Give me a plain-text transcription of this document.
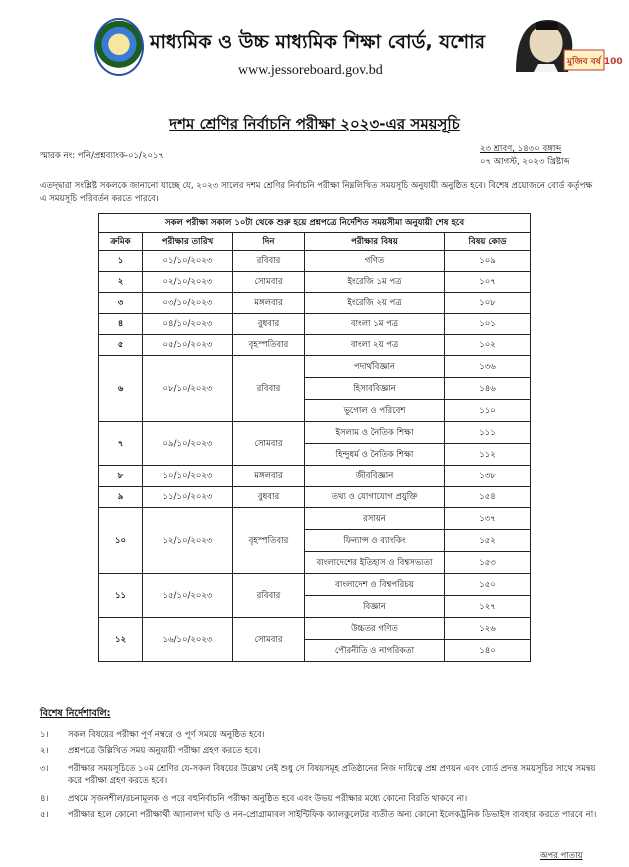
মাধ্যমিক ও উচ্চ মাধ্যমিক শিক্ষা বোর্ড, যশোর
www.jessoreboard.gov.bd
মুজিব বর্ষ 100
দশম শ্রেণির নির্বাচনি পরীক্ষা ২০২৩-এর সময়সূচি
স্মারক নং: পনি/প্রশ্নব্যাংক-০১/২০১৭
২৩ শ্রাবণ, ১৪৩০ বঙ্গাব্দ
০৭ আগস্ট, ২০২৩ খ্রিষ্টাব্দ
এতদ্দ্বারা সংশ্লিষ্ট সকলকে জানানো যাচ্ছে যে, ২০২৩ সালের দশম শ্রেণির নির্বাচনি পরীক্ষা নিম্নলিখিত সময়সূচি অনুযায়ী অনুষ্ঠিত হবে। বিশেষ প্রয়োজনে বোর্ড কর্তৃপক্ষ এ সময়সূচি পরিবর্তন করতে পারবে।
সকল পরীক্ষা সকাল ১০টা থেকে শুরু হয়ে প্রশ্নপত্রে নির্দেশিত সময়সীমা অনুযায়ী শেষ হবে				
ক্রমিক	পরীক্ষার তারিখ	দিন	পরীক্ষার বিষয়	বিষয় কোড
১	০১/১০/২০২৩	রবিবার	গণিত	১০৯
২	০২/১০/২০২৩	সোমবার	ইংরেজি ১ম পত্র	১০৭
৩	০৩/১০/২০২৩	মঙ্গলবার	ইংরেজি ২য় পত্র	১০৮
৪	০৪/১০/২০২৩	বুধবার	বাংলা ১ম পত্র	১০১
৫	০৫/১০/২০২৩	বৃহস্পতিবার	বাংলা ২য় পত্র	১০২
৬	০৮/১০/২০২৩	রবিবার	পদার্থবিজ্ঞান	১৩৬
			হিসাববিজ্ঞান	১৪৬
			ভূগোল ও পরিবেশ	১১০
৭	০৯/১০/২০২৩	সোমবার	ইসলাম ও নৈতিক শিক্ষা	১১১
			হিন্দুধর্ম ও নৈতিক শিক্ষা	১১২
৮	১০/১০/২০২৩	মঙ্গলবার	জীববিজ্ঞান	১৩৮
৯	১১/১০/২০২৩	বুধবার	তথ্য ও যোগাযোগ প্রযুক্তি	১৫৪
১০	১২/১০/২০২৩	বৃহস্পতিবার	রসায়ন	১৩৭
			ফিন্যান্স ও ব্যাংকিং	১৫২
			বাংলাদেশের ইতিহাস ও বিশ্বসভ্যতা	১৫৩
১১	১৫/১০/২০২৩	রবিবার	বাংলাদেশ ও বিশ্বপরিচয়	১৫০
			বিজ্ঞান	১২৭
১২	১৬/১০/২০২৩	সোমবার	উচ্চতর গণিত	১২৬
			পৌরনীতি ও নাগরিকতা	১৪০
বিশেষ নির্দেশাবলি:
১। সকল বিষয়ের পরীক্ষা পূর্ণ নম্বরে ও পূর্ণ সময়ে অনুষ্ঠিত হবে।
২। প্রশ্নপত্রে উল্লিখিত সময় অনুযায়ী পরীক্ষা গ্রহণ করতে হবে।
৩। পরীক্ষার সময়সূচিতে ১০ম শ্রেণির যে-সকল বিষয়ের উল্লেখ নেই শুধু সে বিষয়সমূহ প্রতিষ্ঠানের নিজ দায়িত্বে প্রশ্ন প্রণয়ন এবং বোর্ড প্রদত্ত সময়সূচির সাথে সমন্বয় করে পরীক্ষা গ্রহণ করতে হবে।
৪। প্রথমে সৃজনশীল/রচনামূলক ও পরে বহুনির্বাচনি পরীক্ষা অনুষ্ঠিত হবে এবং উভয় পরীক্ষার মধ্যে কোনো বিরতি থাকবে না।
৫। পরীক্ষার হলে কোনো পরীক্ষার্থী অ্যানালগ ঘড়ি ও নন-প্রোগ্রামাবল সাইন্টিফিক ক্যালকুলেটর ব্যতীত অন্য কোনো ইলেকট্রনিক ডিভাইস ব্যবহার করতে পারবে না।
অপর পাতায়
